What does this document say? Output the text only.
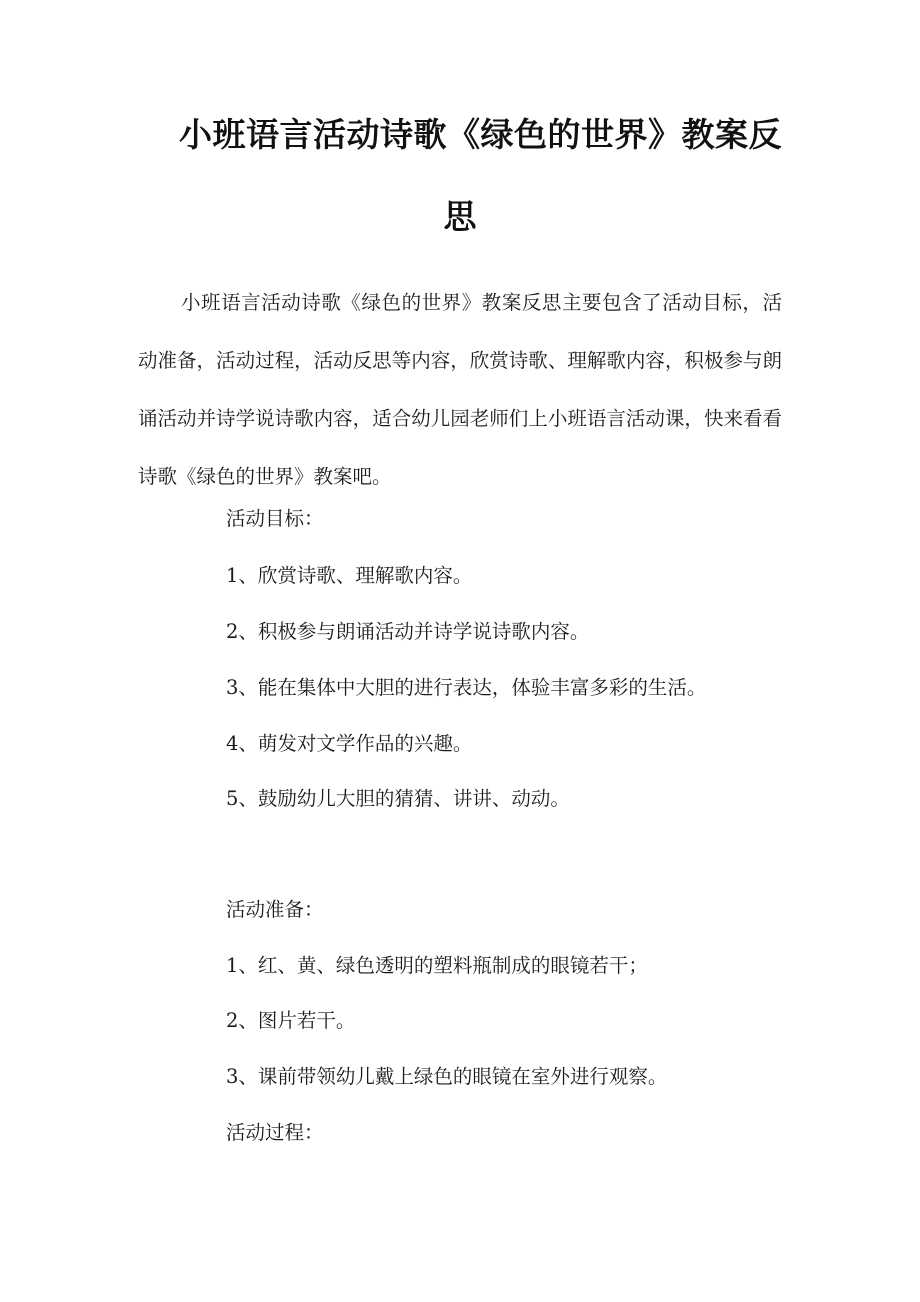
小班语言活动诗歌《绿色的世界》教案反
思

小班语言活动诗歌《绿色的世界》教案反思主要包含了活动目标，活动准备，活动过程，活动反思等内容，欣赏诗歌、理解歌内容，积极参与朗诵活动并诗学说诗歌内容，适合幼儿园老师们上小班语言活动课，快来看看诗歌《绿色的世界》教案吧。

活动目标：

1、欣赏诗歌、理解歌内容。

2、积极参与朗诵活动并诗学说诗歌内容。

3、能在集体中大胆的进行表达，体验丰富多彩的生活。

4、萌发对文学作品的兴趣。

5、鼓励幼儿大胆的猜猜、讲讲、动动。

活动准备：

1、红、黄、绿色透明的塑料瓶制成的眼镜若干；

2、图片若干。

3、课前带领幼儿戴上绿色的眼镜在室外进行观察。

活动过程：
